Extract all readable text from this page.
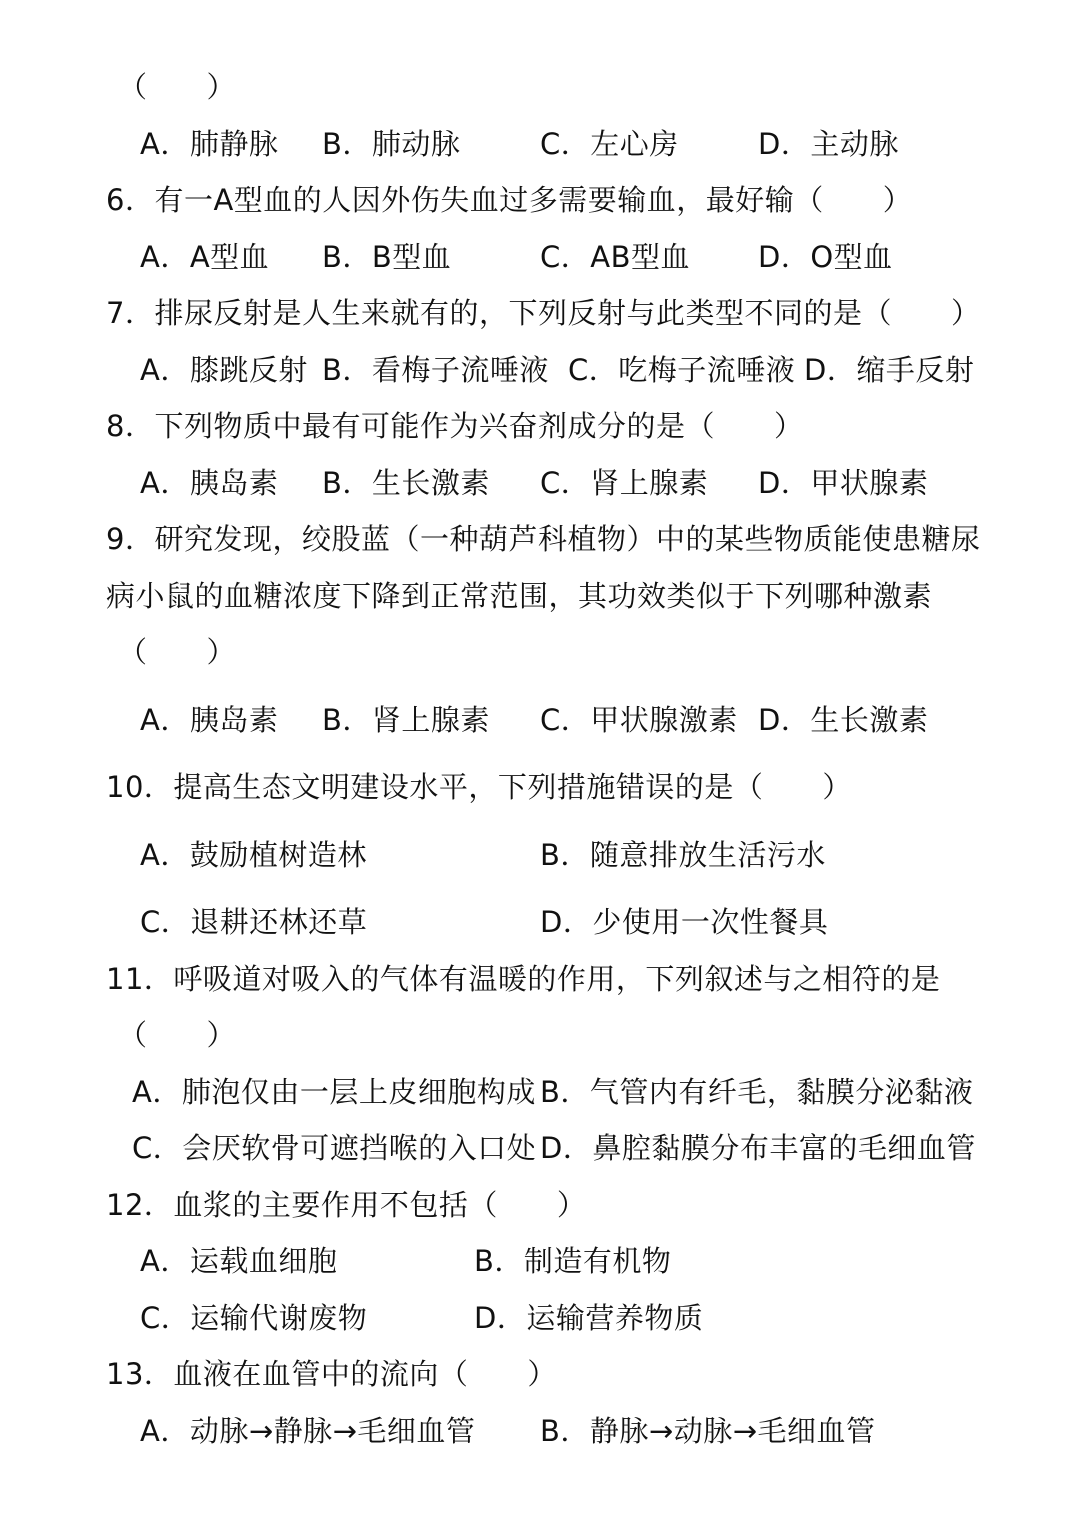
（　　）
A．肺静脉 B．肺动脉	C．左心房	D．主动脉
6．有一A型血的人因外伤失血过多需要输血，最好输（　　）
A．A型血 B．B型血	C．AB型血 D．O型血
7．排尿反射是人生来就有的，下列反射与此类型不同的是（　　）
A．膝跳反射 B．看梅子流唾液 C．吃梅子流唾液 D．缩手反射
8．下列物质中最有可能作为兴奋剂成分的是（　　）
A．胰岛素 B．生长激素 C．肾上腺素 D．甲状腺素
9．研究发现，绞股蓝（一种葫芦科植物）中的某些物质能使患糖尿
病小鼠的血糖浓度下降到正常范围，其功效类似于下列哪种激素
（　　）
A．胰岛素 B．肾上腺素 C．甲状腺激素 D．生长激素
10．提高生态文明建设水平，下列措施错误的是（　　）
A．鼓励植树造林	B．随意排放生活污水
C．退耕还林还草	D．少使用一次性餐具
11．呼吸道对吸入的气体有温暖的作用，下列叙述与之相符的是
（　　）
A．肺泡仅由一层上皮细胞构成 B．气管内有纤毛，黏膜分泌黏液
C．会厌软骨可遮挡喉的入口处 D．鼻腔黏膜分布丰富的毛细血管
12．血浆的主要作用不包括（　　）
A．运载血细胞	B．制造有机物
C．运输代谢废物	D．运输营养物质
13．血液在血管中的流向（　　）
A．动脉→静脉→毛细血管 B．静脉→动脉→毛细血管
